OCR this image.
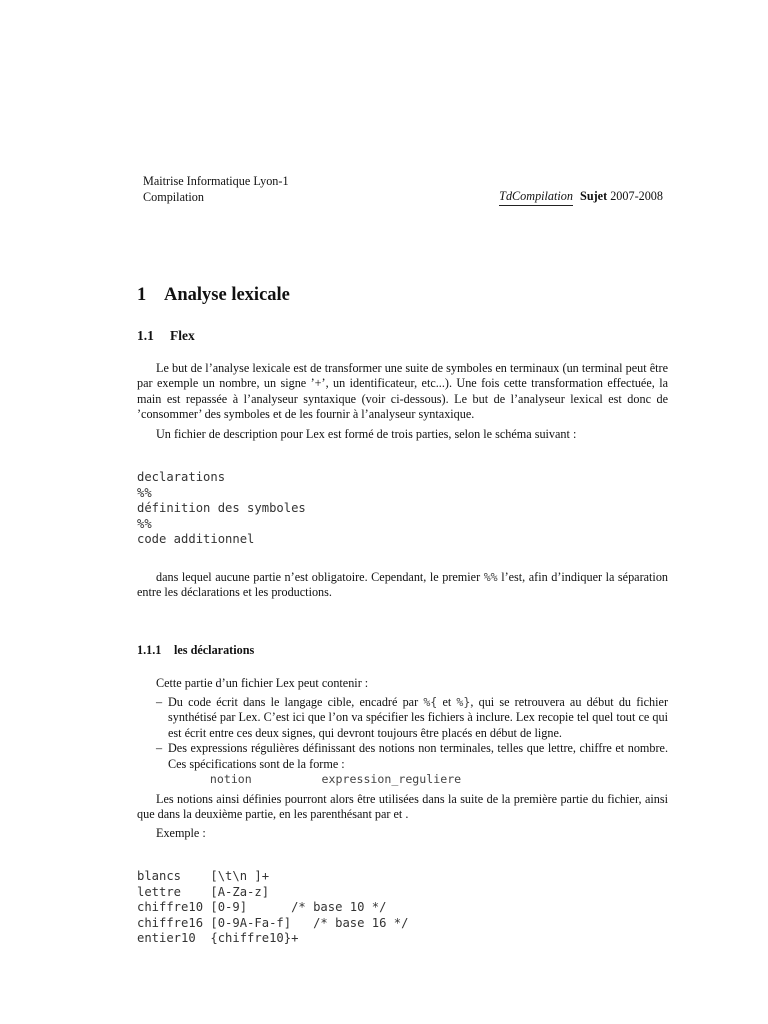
Maitrise Informatique Lyon-1
Compilation	TdCompilation Sujet 2007-2008
1 Analyse lexicale
1.1 Flex

Le but de l’analyse lexicale est de transformer une suite de symboles en terminaux (un terminal peut être par exemple un nombre, un signe ’+’, un identificateur, etc...). Une fois cette transformation effectuée, la main est repassée à l’analyseur syntaxique (voir ci-dessous). Le but de l’analyseur lexical est donc de ’consommer’ des symboles et de les fournir à l’analyseur syntaxique.

Un fichier de description pour Lex est formé de trois parties, selon le schéma suivant :

declarations
%%
définition des symboles
%%
code additionnel

dans lequel aucune partie n’est obligatoire. Cependant, le premier %% l’est, afin d’indiquer la séparation entre les déclarations et les productions.

1.1.1 les déclarations

Cette partie d’un fichier Lex peut contenir :

– Du code écrit dans le langage cible, encadré par %{ et %}, qui se retrouvera au début du fichier synthétisé par Lex. C’est ici que l’on va spécifier les fichiers à inclure. Lex recopie tel quel tout ce qui est écrit entre ces deux signes, qui devront toujours être placés en début de ligne.
– Des expressions régulières définissant des notions non terminales, telles que lettre, chiffre et nombre. Ces spécifications sont de la forme :
notion          expression_reguliere

Les notions ainsi définies pourront alors être utilisées dans la suite de la première partie du fichier, ainsi que dans la deuxième partie, en les parenthésant par et .

Exemple :

blancs    [\t\n ]+
lettre    [A-Za-z]
chiffre10 [0-9]      /* base 10 */
chiffre16 [0-9A-Fa-f]   /* base 16 */
entier10  {chiffre10}+
